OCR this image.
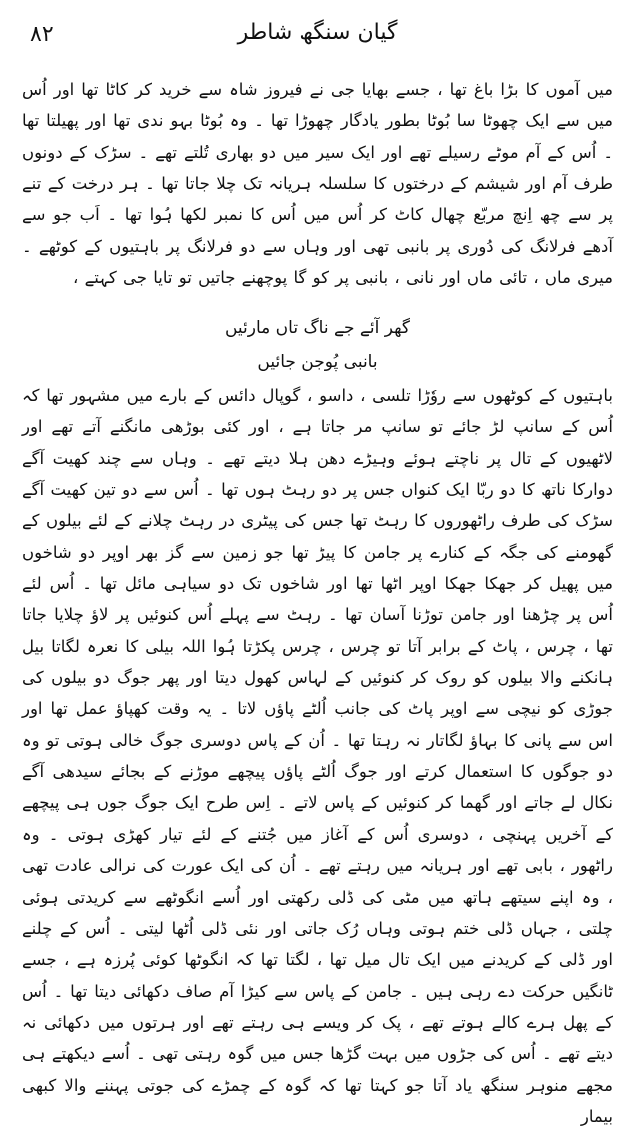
۸۲	گیان سنگھ شاطر

میں آموں کا بڑا باغ تھا ، جسے بھایا جی نے فیروز شاہ سے خرید کر کاٹا تھا اور اُس میں سے ایک چھوٹا سا بُوٹا بطور یادگار چھوڑا تھا ۔ وہ بُوٹا بہو ندی تھا اور پھیلتا تھا ۔ اُس کے آم موٹے رسیلے تھے اور ایک سیر میں دو بھاری تُلتے تھے ۔ سڑک کے دونوں طرف آم اور شیشم کے درختوں کا سلسلہ ہریانہ تک چلا جاتا تھا ۔ ہر درخت کے تنے پر سے چھ اِنچ مربّع چھال کاٹ کر اُس میں اُس کا نمبر لکھا ہُوا تھا ۔ اَب جو سے آدھے فرلانگ کی دُوری پر بانبی تھی اور وہاں سے دو فرلانگ پر باہتیوں کے کوٹھے ۔ میری ماں ، تائی ماں اور نانی ، بانبی پر کو گا پوچھنے جاتیں تو تایا جی کہتے ،

گھر آئے جے ناگ تاں مارئیں
بانبی پُوجن جائیں

باہتیوں کے کوٹھوں سے روٗڑا تلسی ، داسو ، گوپال دائس کے بارے میں مشہور تھا کہ اُس کے سانپ لڑ جائے تو سانپ مر جاتا ہے ، اور کئی بوڑھی مانگنے آتے تھے اور لاٹھیوں کے تال پر ناچتے ہوئے وہیڑے دھن ہلا دیتے تھے ۔ وہاں سے چند کھیت آگے دوارکا ناتھ کا دو ربّا ایک کنواں جس پر دو رہٹ ہوں تھا ۔ اُس سے دو تین کھیت آگے سڑک کی طرف راٹھوروں کا رہٹ تھا جس کی پیٹری در رہٹ چلانے کے لئے بیلوں کے گھومنے کی جگہ کے کنارے پر جامن کا پیڑ تھا جو زمین سے گز بھر اوپر دو شاخوں میں پھیل کر جھکا جھکا اوپر اٹھا تھا اور شاخوں تک دو سیاہی مائل تھا ۔ اُس لئے اُس پر چڑھنا اور جامن توڑنا آسان تھا ۔ رہٹ سے پہلے اُس کنوئیں پر لاؤ چلایا جاتا تھا ، چرس ، پاٹ کے برابر آتا تو چرس ، چرس پکڑتا ہُوا اللہ بیلی کا نعرہ لگاتا بیل ہانکنے والا بیلوں کو روک کر کنوئیں کے لہاس کھول دیتا اور پھر جوگ دو بیلوں کی جوڑی کو نیچی سے اوپر پاٹ کی جانب اُلٹے پاؤں لاتا ۔ یہ وقت کھپاؤ عمل تھا اور اس سے پانی کا بہاؤ لگاتار نہ رہتا تھا ۔ اُن کے پاس دوسری جوگ خالی ہوتی تو وہ دو جوگوں کا استعمال کرتے اور جوگ اُلٹے پاؤں پیچھے موڑنے کے بجائے سیدھی آگے نکال لے جاتے اور گھما کر کنوئیں کے پاس لاتے ۔ اِس طرح ایک جوگ جوں ہی پیچھے کے آخریں پہنچی ، دوسری اُس کے آغاز میں جُتنے کے لئے تیار کھڑی ہوتی ۔ وہ راٹھور ، بابی تھے اور ہریانہ میں رہتے تھے ۔ اُن کی ایک عورت کی نرالی عادت تھی ، وہ اپنے سیتھے ہاتھ میں مٹی کی ڈلی رکھتی اور اُسے انگوٹھے سے کریدتی ہوئی چلتی ، جہاں ڈلی ختم ہوتی وہاں رُک جاتی اور نئی ڈلی اُٹھا لیتی ۔ اُس کے چلنے اور ڈلی کے کریدنے میں ایک تال میل تھا ، لگتا تھا کہ انگوٹھا کوئی پُرزہ ہے ، جسے ٹانگیں حرکت دے رہی ہیں ۔ جامن کے پاس سے کیڑا آم صاف دکھائی دیتا تھا ۔ اُس کے پھل ہرے کالے ہوتے تھے ، پک کر ویسے ہی رہتے تھے اور ہرتوں میں دکھائی نہ دیتے تھے ۔ اُس کی جڑوں میں بہت گڑھا جس میں گوہ رہتی تھی ۔ اُسے دیکھتے ہی مجھے منوہر سنگھ یاد آتا جو کہتا تھا کہ گوہ کے چمڑے کی جوتی پہننے والا کبھی بیمار
